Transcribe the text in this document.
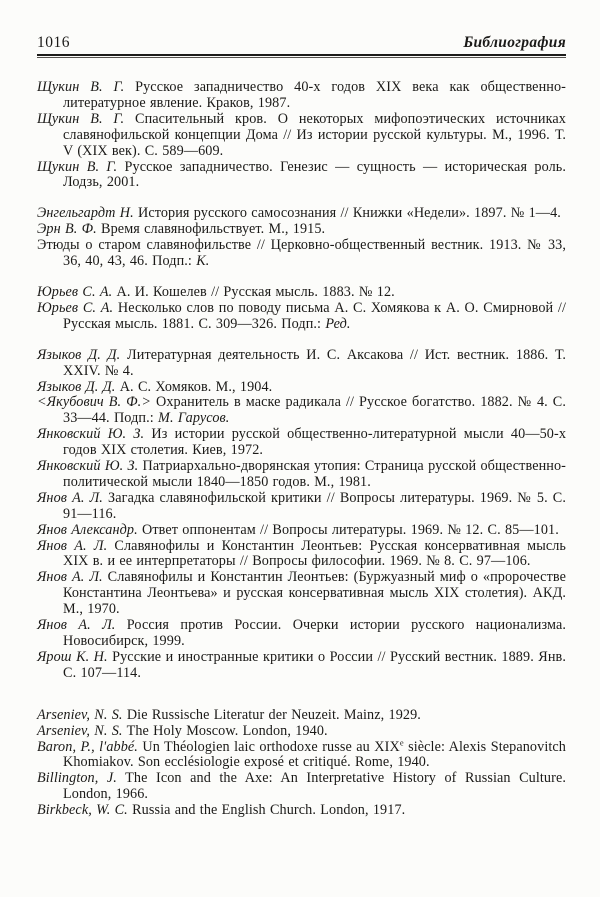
1016	Библиография

Щукин В. Г. Русское западничество 40-х годов XIX века как общественно-литературное явление. Краков, 1987.

Щукин В. Г. Спасительный кров. О некоторых мифопоэтических источниках славянофильской концепции Дома // Из истории русской культуры. М., 1996. Т. V (XIX век). С. 589—609.

Щукин В. Г. Русское западничество. Генезис — сущность — историческая роль. Лодзь, 2001.

Энгельгардт Н. История русского самосознания // Книжки «Недели». 1897. № 1—4.

Эрн В. Ф. Время славянофильствует. М., 1915.

Этюды о старом славянофильстве // Церковно-общественный вестник. 1913. № 33, 36, 40, 43, 46. Подп.: К.

Юрьев С. А. А. И. Кошелев // Русская мысль. 1883. № 12.

Юрьев С. А. Несколько слов по поводу письма А. С. Хомякова к А. О. Смирновой // Русская мысль. 1881. С. 309—326. Подп.: Ред.

Языков Д. Д. Литературная деятельность И. С. Аксакова // Ист. вестник. 1886. Т. XXIV. № 4.

Языков Д. Д. А. С. Хомяков. М., 1904.

<Якубович В. Ф.> Охранитель в маске радикала // Русское богатство. 1882. № 4. С. 33—44. Подп.: М. Гарусов.

Янковский Ю. З. Из истории русской общественно-литературной мысли 40—50-х годов XIX столетия. Киев, 1972.

Янковский Ю. З. Патриархально-дворянская утопия: Страница русской общественно-политической мысли 1840—1850 годов. М., 1981.

Янов А. Л. Загадка славянофильской критики // Вопросы литературы. 1969. № 5. С. 91—116.

Янов Александр. Ответ оппонентам // Вопросы литературы. 1969. № 12. С. 85—101.

Янов А. Л. Славянофилы и Константин Леонтьев: Русская консервативная мысль XIX в. и ее интерпретаторы // Вопросы философии. 1969. № 8. С. 97—106.

Янов А. Л. Славянофилы и Константин Леонтьев: (Буржуазный миф о «пророчестве Константина Леонтьева» и русская консервативная мысль XIX столетия). АКД. М., 1970.

Янов А. Л. Россия против России. Очерки истории русского национализма. Новосибирск, 1999.

Ярош К. Н. Русские и иностранные критики о России // Русский вестник. 1889. Янв. С. 107—114.

Arseniev, N. S. Die Russische Literatur der Neuzeit. Mainz, 1929.

Arseniev, N. S. The Holy Moscow. London, 1940.

Baron, P., l'abbé. Un Théologien laic orthodoxe russe au XIXe siècle: Alexis Stepanovitch Khomiakov. Son ecclésiologie exposé et critiqué. Rome, 1940.

Billington, J. The Icon and the Axe: An Interpretative History of Russian Culture. London, 1966.

Birkbeck, W. C. Russia and the English Church. London, 1917.
